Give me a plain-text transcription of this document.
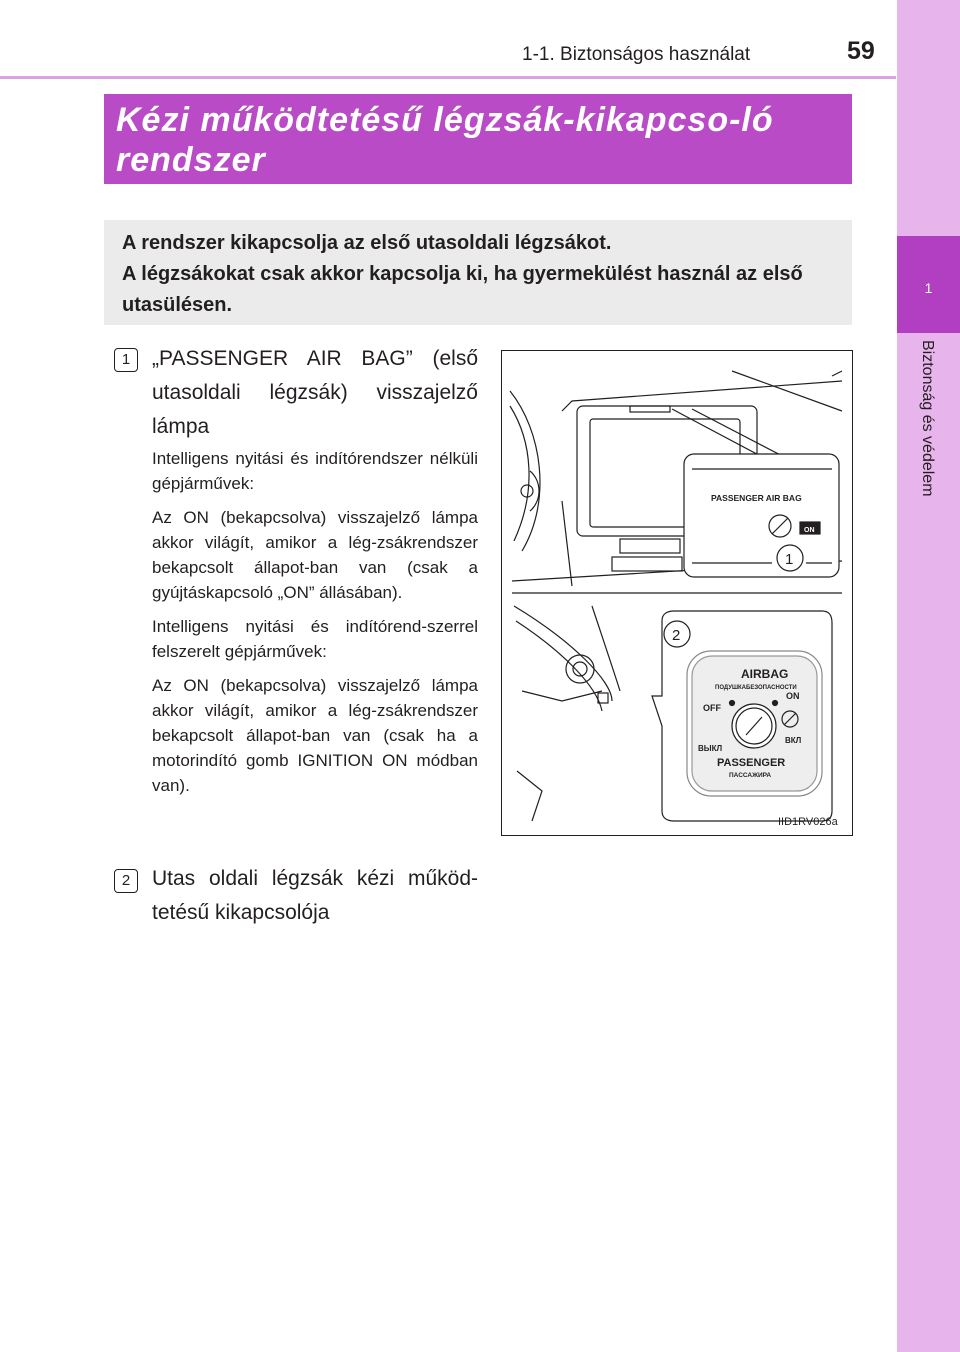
1-1. Biztonságos használat	59
1
Biztonság és védelem
Kézi működtetésű légzsák-kikapcso-ló rendszer

A rendszer kikapcsolja az első utasoldali légzsákot.

A légzsákokat csak akkor kapcsolja ki, ha gyermekülést használ az első utasülésen.

1	„PASSENGER AIR BAG” (első utasoldali légzsák) visszajelző lámpa

Intelligens nyitási és indítórendszer nélküli gépjárművek:

Az ON (bekapcsolva) visszajelző lámpa akkor világít, amikor a lég-zsákrendszer bekapcsolt állapot-ban van (csak a gyújtáskapcsoló „ON” állásában).

Intelligens nyitási és indítórend-szerrel felszerelt gépjárművek:

Az ON (bekapcsolva) visszajelző lámpa akkor világít, amikor a lég-zsákrendszer bekapcsolt állapot-ban van (csak ha a motorindító gomb IGNITION ON módban van).

2	Utas oldali légzsák kézi működ-tetésű kikapcsolója
PASSENGER AIR BAG
ON
1
2
AIRBAG
ПОДУШКАБЕЗОПАСНОСТИ
OFF
ON
ВЫКЛ
ВКЛ
PASSENGER
ПАССАЖИРА
IID1RV026a
